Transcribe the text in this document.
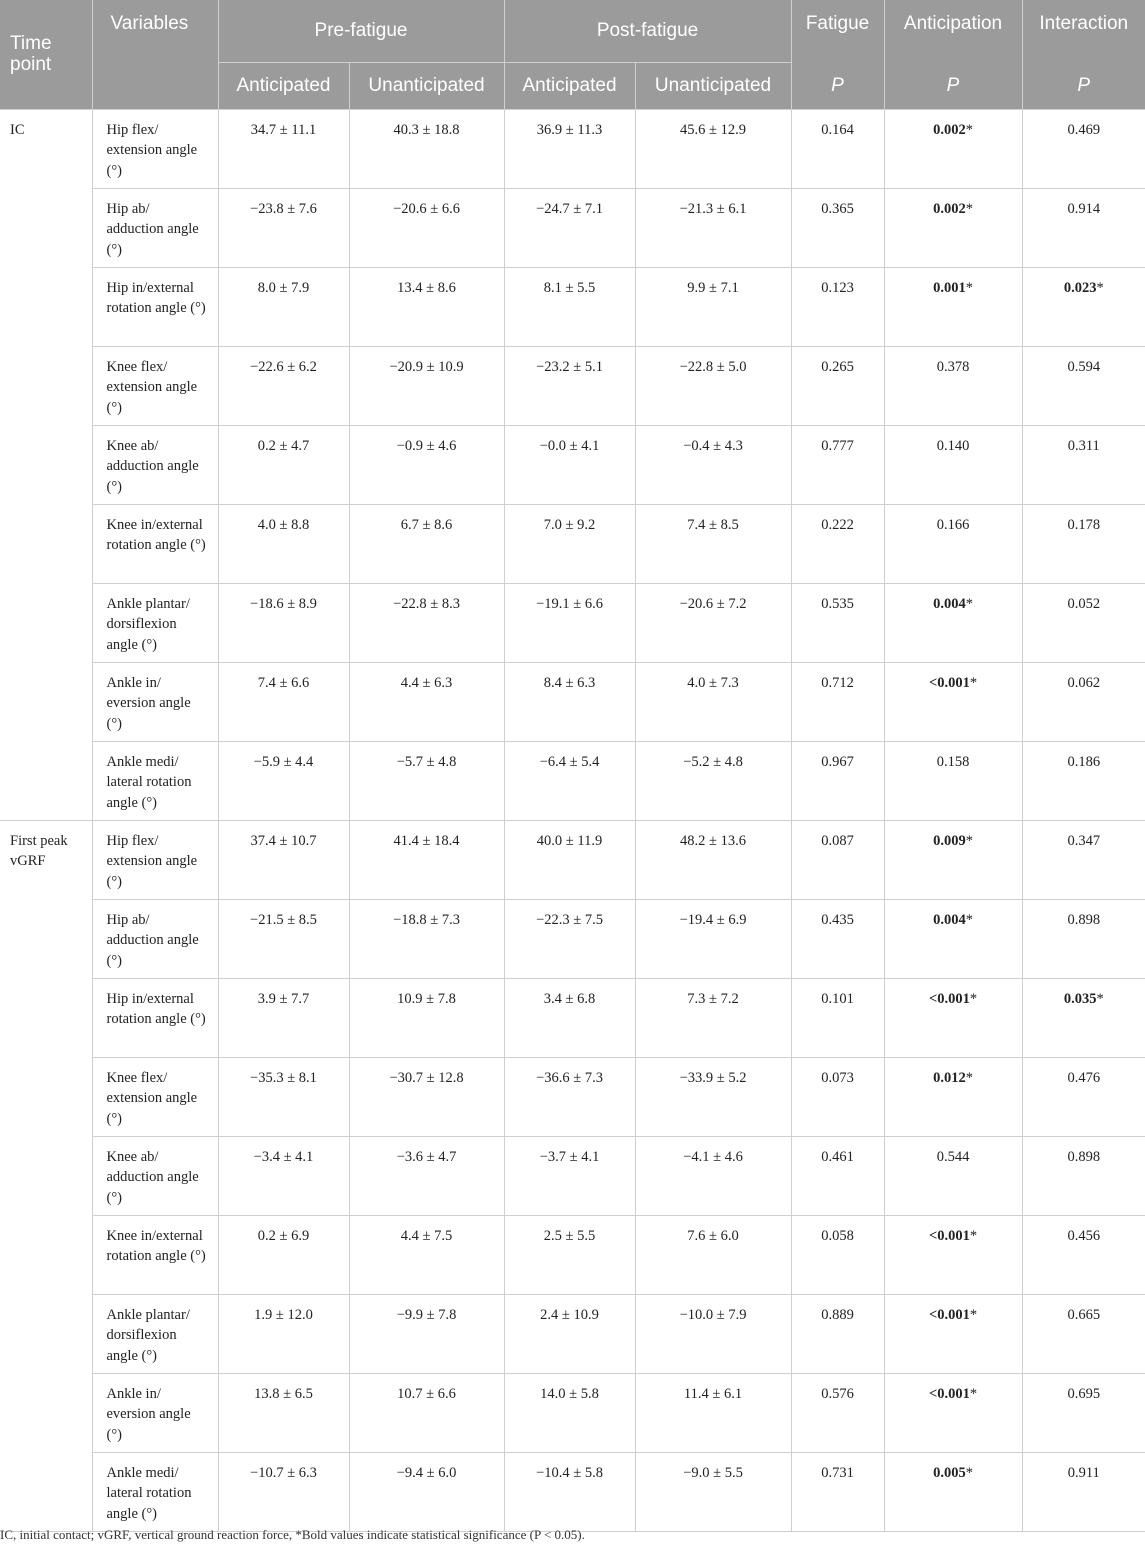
Time point	Variables	Pre-fatigue		Post-fatigue		Fatigue	Anticipation	Interaction
		Anticipated	Unanticipated	Anticipated	Unanticipated	P	P	P
IC	Hip flex/ extension angle (°)	34.7 ± 11.1	40.3 ± 18.8	36.9 ± 11.3	45.6 ± 12.9	0.164	0.002*	0.469
	Hip ab/ adduction angle (°)	−23.8 ± 7.6	−20.6 ± 6.6	−24.7 ± 7.1	−21.3 ± 6.1	0.365	0.002*	0.914
	Hip in/external rotation angle (°)	8.0 ± 7.9	13.4 ± 8.6	8.1 ± 5.5	9.9 ± 7.1	0.123	0.001*	0.023*
	Knee flex/ extension angle (°)	−22.6 ± 6.2	−20.9 ± 10.9	−23.2 ± 5.1	−22.8 ± 5.0	0.265	0.378	0.594
	Knee ab/ adduction angle (°)	0.2 ± 4.7	−0.9 ± 4.6	−0.0 ± 4.1	−0.4 ± 4.3	0.777	0.140	0.311
	Knee in/external rotation angle (°)	4.0 ± 8.8	6.7 ± 8.6	7.0 ± 9.2	7.4 ± 8.5	0.222	0.166	0.178
	Ankle plantar/ dorsiflexion angle (°)	−18.6 ± 8.9	−22.8 ± 8.3	−19.1 ± 6.6	−20.6 ± 7.2	0.535	0.004*	0.052
	Ankle in/ eversion angle (°)	7.4 ± 6.6	4.4 ± 6.3	8.4 ± 6.3	4.0 ± 7.3	0.712	<0.001*	0.062
	Ankle medi/ lateral rotation angle (°)	−5.9 ± 4.4	−5.7 ± 4.8	−6.4 ± 5.4	−5.2 ± 4.8	0.967	0.158	0.186
First peak vGRF	Hip flex/ extension angle (°)	37.4 ± 10.7	41.4 ± 18.4	40.0 ± 11.9	48.2 ± 13.6	0.087	0.009*	0.347
	Hip ab/ adduction angle (°)	−21.5 ± 8.5	−18.8 ± 7.3	−22.3 ± 7.5	−19.4 ± 6.9	0.435	0.004*	0.898
	Hip in/external rotation angle (°)	3.9 ± 7.7	10.9 ± 7.8	3.4 ± 6.8	7.3 ± 7.2	0.101	<0.001*	0.035*
	Knee flex/ extension angle (°)	−35.3 ± 8.1	−30.7 ± 12.8	−36.6 ± 7.3	−33.9 ± 5.2	0.073	0.012*	0.476
	Knee ab/ adduction angle (°)	−3.4 ± 4.1	−3.6 ± 4.7	−3.7 ± 4.1	−4.1 ± 4.6	0.461	0.544	0.898
	Knee in/external rotation angle (°)	0.2 ± 6.9	4.4 ± 7.5	2.5 ± 5.5	7.6 ± 6.0	0.058	<0.001*	0.456
	Ankle plantar/ dorsiflexion angle (°)	1.9 ± 12.0	−9.9 ± 7.8	2.4 ± 10.9	−10.0 ± 7.9	0.889	<0.001*	0.665
	Ankle in/ eversion angle (°)	13.8 ± 6.5	10.7 ± 6.6	14.0 ± 5.8	11.4 ± 6.1	0.576	<0.001*	0.695
	Ankle medi/ lateral rotation angle (°)	−10.7 ± 6.3	−9.4 ± 6.0	−10.4 ± 5.8	−9.0 ± 5.5	0.731	0.005*	0.911
IC, initial contact; vGRF, vertical ground reaction force, *Bold values indicate statistical significance (P < 0.05).
